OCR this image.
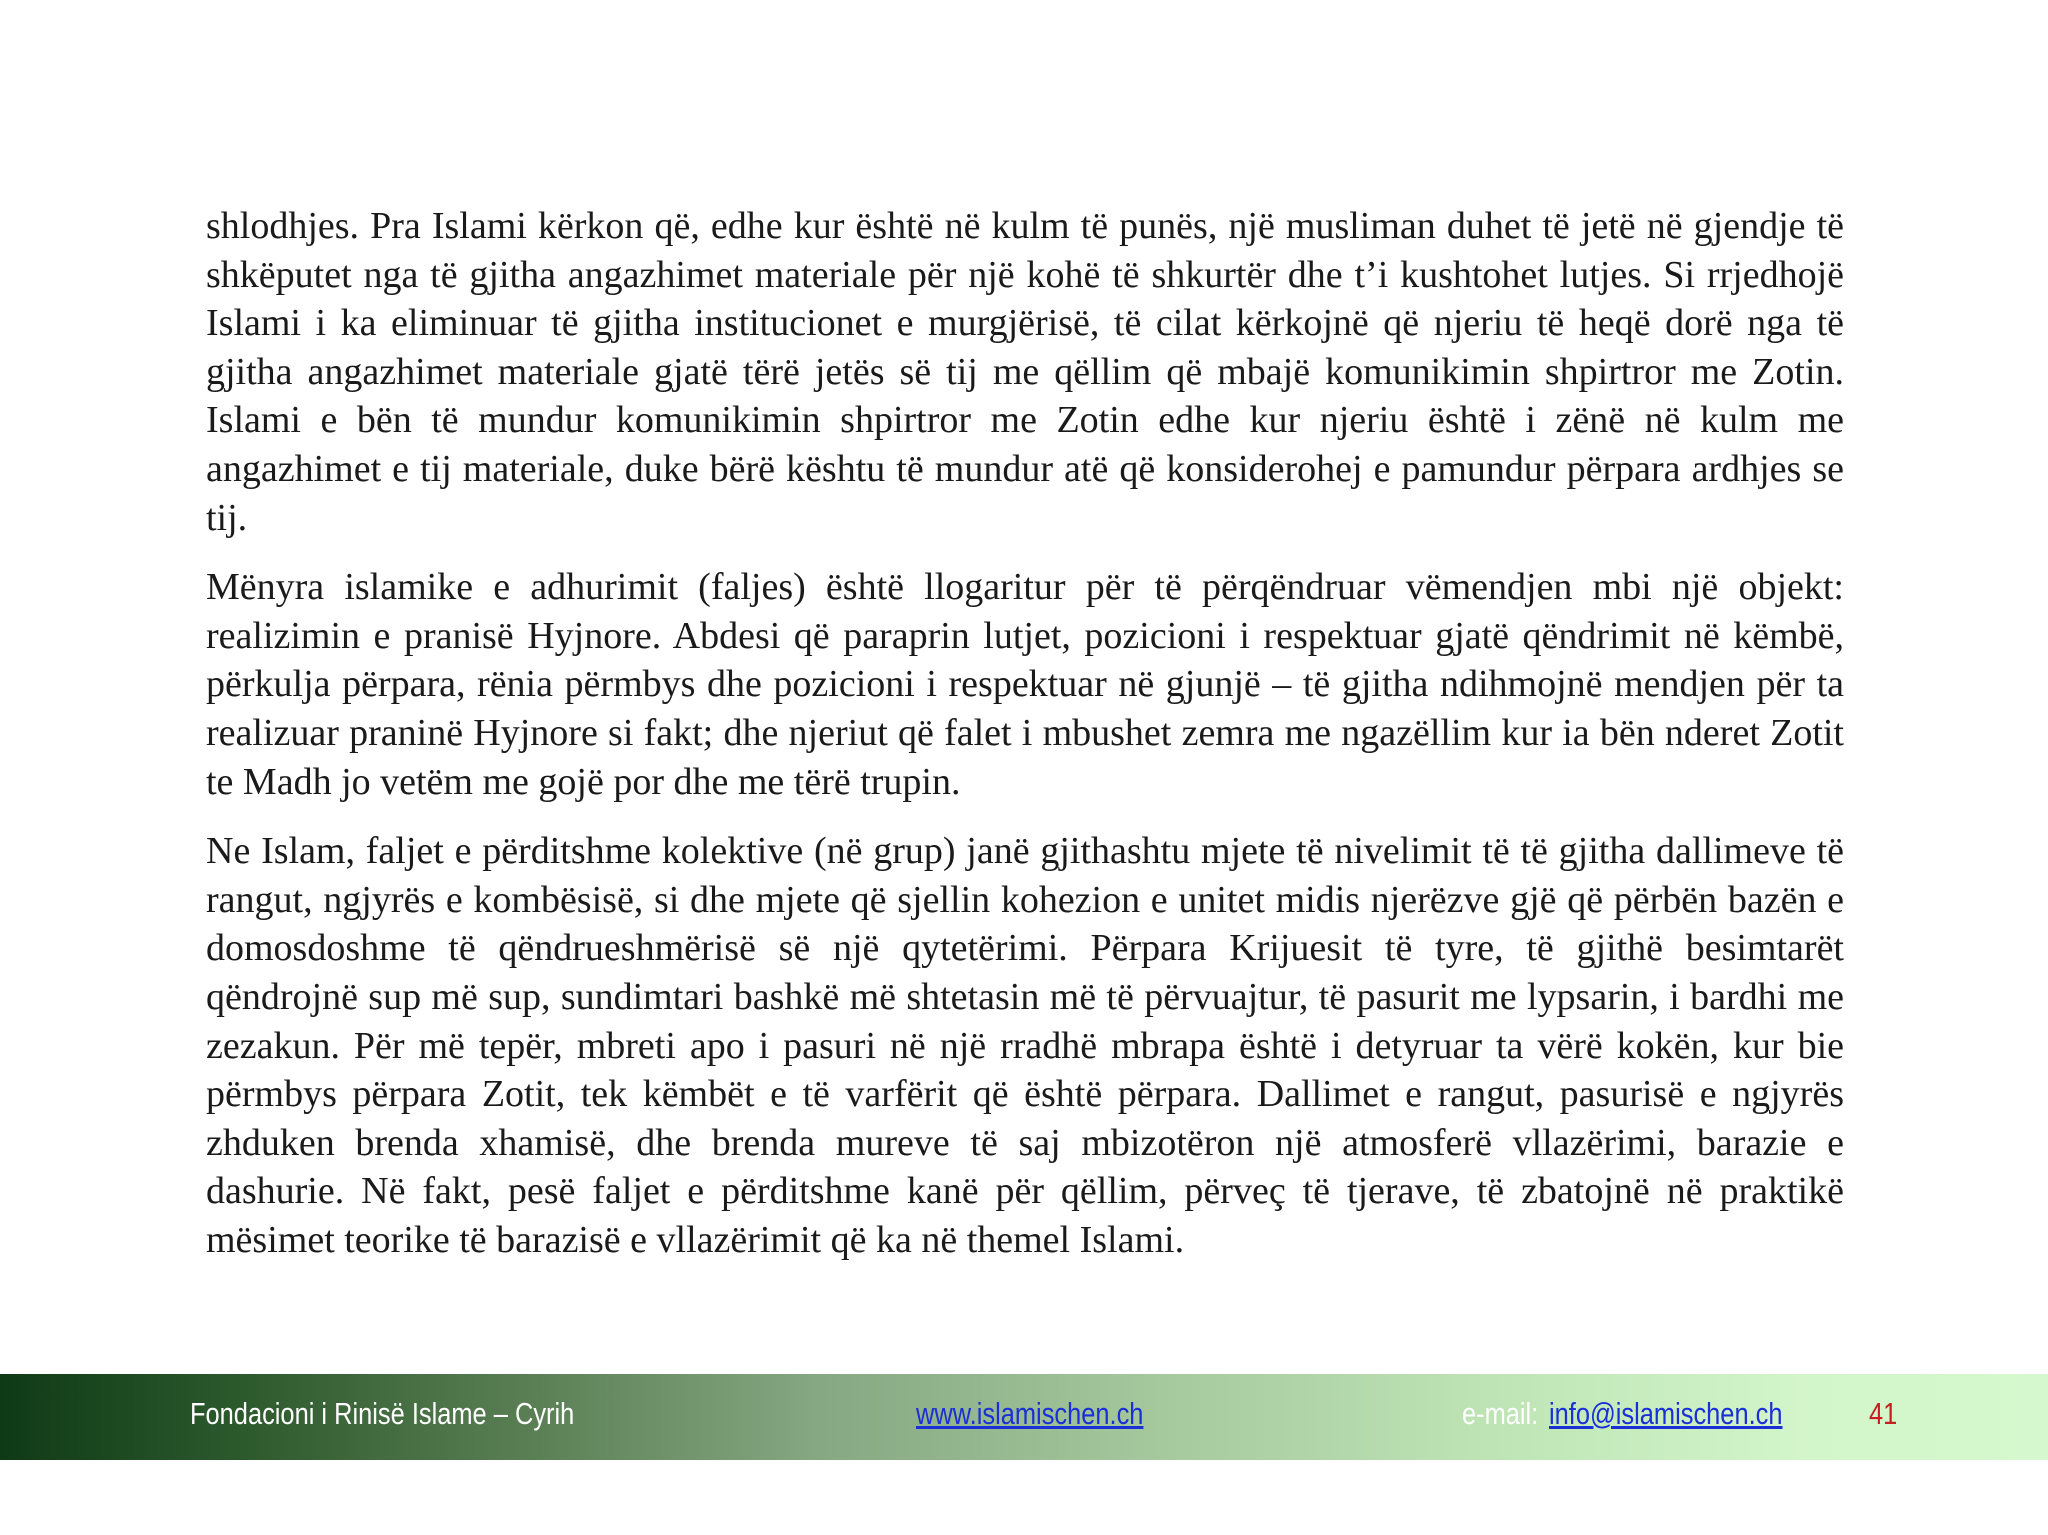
shlodhjes. Pra Islami kërkon që, edhe kur është në kulm të punës, një musliman duhet të jetë në gjendje të shkëputet nga të gjitha angazhimet materiale për një kohë të shkurtër dhe t’i kushtohet lutjes. Si rrjedhojë Islami i ka eliminuar të gjitha institucionet e murgjërisë, të cilat kërkojnë që njeriu të heqë dorë nga të gjitha angazhimet materiale gjatë tërë jetës së tij me qëllim që mbajë komunikimin shpirtror me Zotin. Islami e bën të mundur komunikimin shpirtror me Zotin edhe kur njeriu është i zënë në kulm me angazhimet e tij materiale, duke bërë kështu të mundur atë që konsiderohej e pamundur përpara ardhjes se tij.

Mënyra islamike e adhurimit (faljes) është llogaritur për të përqëndruar vëmendjen mbi një objekt: realizimin e pranisë Hyjnore. Abdesi që paraprin lutjet, pozicioni i respektuar gjatë qëndrimit në këmbë, përkulja përpara, rënia përmbys dhe pozicioni i respektuar në gjunjë – të gjitha ndihmojnë mendjen për ta realizuar praninë Hyjnore si fakt; dhe njeriut që falet i mbushet zemra me ngazëllim kur ia bën nderet Zotit te Madh jo vetëm me gojë por dhe me tërë trupin.

Ne Islam, faljet e përditshme kolektive (në grup) janë gjithashtu mjete të nivelimit të të gjitha dallimeve të rangut, ngjyrës e kombësisë, si dhe mjete që sjellin kohezion e unitet midis njerëzve gjë që përbën bazën e domosdoshme të qëndrueshmërisë së një qytetërimi. Përpara Krijuesit të tyre, të gjithë besimtarët qëndrojnë sup më sup, sundimtari bashkë më shtetasin më të përvuajtur, të pasurit me lypsarin, i bardhi me zezakun. Për më tepër, mbreti apo i pasuri në një rradhë mbrapa është i detyruar ta vërë kokën, kur bie përmbys përpara Zotit, tek këmbët e të varfërit që është përpara. Dallimet e rangut, pasurisë e ngjyrës zhduken brenda xhamisë, dhe brenda mureve të saj mbizotëron një atmosferë vllazërimi, barazie e dashurie. Në fakt, pesë faljet e përditshme kanë për qëllim, përveç të tjerave, të zbatojnë në praktikë mësimet teorike të barazisë e vllazërimit që ka në themel Islami.

Fondacioni i Rinisë Islame – Cyrih	www.islamischen.ch	e-mail: info@islamischen.ch	41
